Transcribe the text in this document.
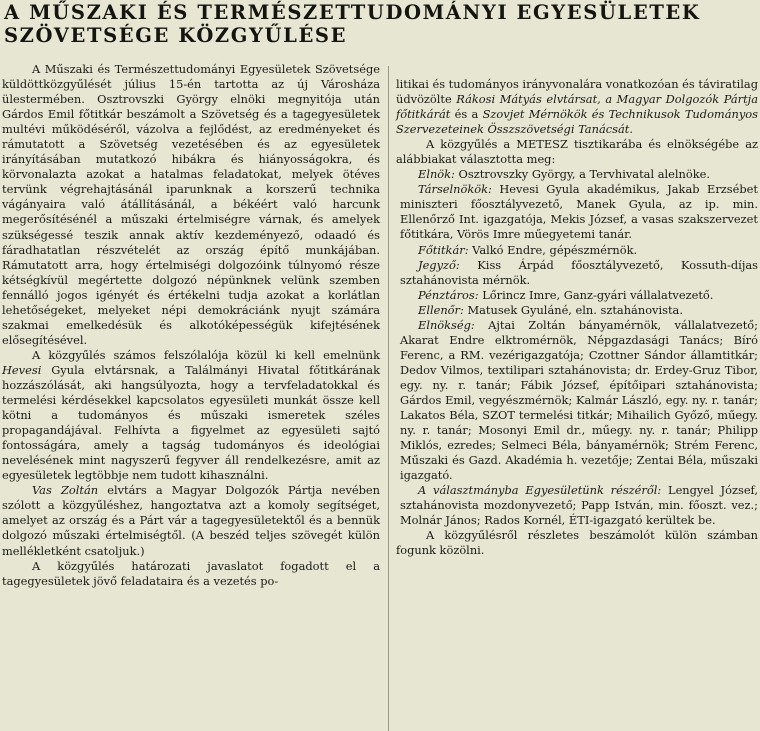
A MŰSZAKI ÉS TERMÉSZETTUDOMÁNYI EGYESÜLETEK SZÖVETSÉGE KÖZGYŰLÉSE

A Műszaki és Természettudományi Egyesületek Szövetsége küldöttközgyűlését július 15-én tartotta az új Városháza ülestermében. Osztrovszki György elnöki megnyitója után Gárdos Emil főtitkár beszámolt a Szövetség és a tagegyesületek multévi működéséről, vázolva a fejlődést, az eredményeket és rámutatott a Szövetség vezetésében és az egyesületek irányításában mutatkozó hibákra és hiányosságokra, és körvonalazta azokat a hatalmas feladatokat, melyek ötéves tervünk végrehajtásánál iparunknak a korszerű technika vágányaira való átállításánál, a békéért való harcunk megerősítésénél a műszaki értelmiségre várnak, és amelyek szükségessé teszik annak aktív kezdeményező, odaadó és fáradhatatlan részvételét az ország építő munkájában. Rámutatott arra, hogy értelmiségi dolgozóink túlnyomó része kétségkívül megértette dolgozó népünknek velünk szemben fennálló jogos igényét és értékelni tudja azokat a korlátlan lehetőségeket, melyeket népi demokráciánk nyujt számára szakmai emelkedésük és alkotóképességük kifejtésének elősegítésével.

A közgyűlés számos felszólalója közül ki kell emelnünk Hevesi Gyula elvtársnak, a Találmányi Hivatal főtitkárának hozzászólását, aki hangsúlyozta, hogy a tervfeladatokkal és termelési kérdésekkel kapcsolatos egyesületi munkát össze kell kötni a tudományos és műszaki ismeretek széles propagandájával. Felhívta a figyelmet az egyesületi sajtó fontosságára, amely a tagság tudományos és ideológiai nevelésének mint nagyszerű fegyver áll rendelkezésre, amit az egyesületek legtöbbje nem tudott kihasználni.

Vas Zoltán elvtárs a Magyar Dolgozók Pártja nevében szólott a közgyűléshez, hangoztatva azt a komoly segítséget, amelyet az ország és a Párt vár a tagegyesületektől és a bennük dolgozó műszaki értelmiségtől. (A beszéd teljes szövegét külön mellékletként csatoljuk.)

A közgyűlés határozati javaslatot fogadott el a tagegyesületek jövő feladataira és a vezetés po-

litikai és tudományos irányvonalára vonatkozóan és táviratilag üdvözölte Rákosi Mátyás elvtársat, a Magyar Dolgozók Pártja főtitkárát és a Szovjet Mérnökök és Technikusok Tudományos Szervezeteinek Összszövetségi Tanácsát.

A közgyűlés a METESZ tisztikarába és elnökségébe az alábbiakat választotta meg:

Elnök: Osztrovszky György, a Tervhivatal alelnöke.

Társelnökök: Hevesi Gyula akadémikus, Jakab Erzsébet miniszteri főosztályvezető, Manek Gyula, az ip. min. Ellenőrző Int. igazgatója, Mekis József, a vasas szakszervezet főtitkára, Vörös Imre műegyetemi tanár.

Főtitkár: Valkó Endre, gépészmérnök.

Jegyző: Kiss Árpád főosztályvezető, Kossuth-díjas sztahánovista mérnök.

Pénztáros: Lőrincz Imre, Ganz-gyári vállalatvezető.

Ellenőr: Matusek Gyuláné, eln. sztahánovista.

Elnökség: Ajtai Zoltán bányamérnök, vállalatvezető; Akarat Endre elktromérnök, Népgazdasági Tanács; Bíró Ferenc, a RM. vezérigazgatója; Czottner Sándor államtitkár; Dedov Vilmos, textilipari sztahánovista; dr. Erdey-Gruz Tibor, egy. ny. r. tanár; Fábik József, építőipari sztahánovista; Gárdos Emil, vegyészmérnök; Kalmár László, egy. ny. r. tanár; Lakatos Béla, SZOT termelési titkár; Mihailich Győző, műegy. ny. r. tanár; Mosonyi Emil dr., műegy. ny. r. tanár; Philipp Miklós, ezredes; Selmeci Béla, bányamérnök; Strém Ferenc, Műszaki és Gazd. Akadémia h. vezetője; Zentai Béla, műszaki igazgató.

A választmányba Egyesületünk részéről: Lengyel József, sztahánovista mozdonyvezető; Papp István, min. főoszt. vez.; Molnár János; Rados Kornél, ÉTI-igazgató kerültek be.

A közgyűlésről részletes beszámolót külön számban fogunk közölni.
